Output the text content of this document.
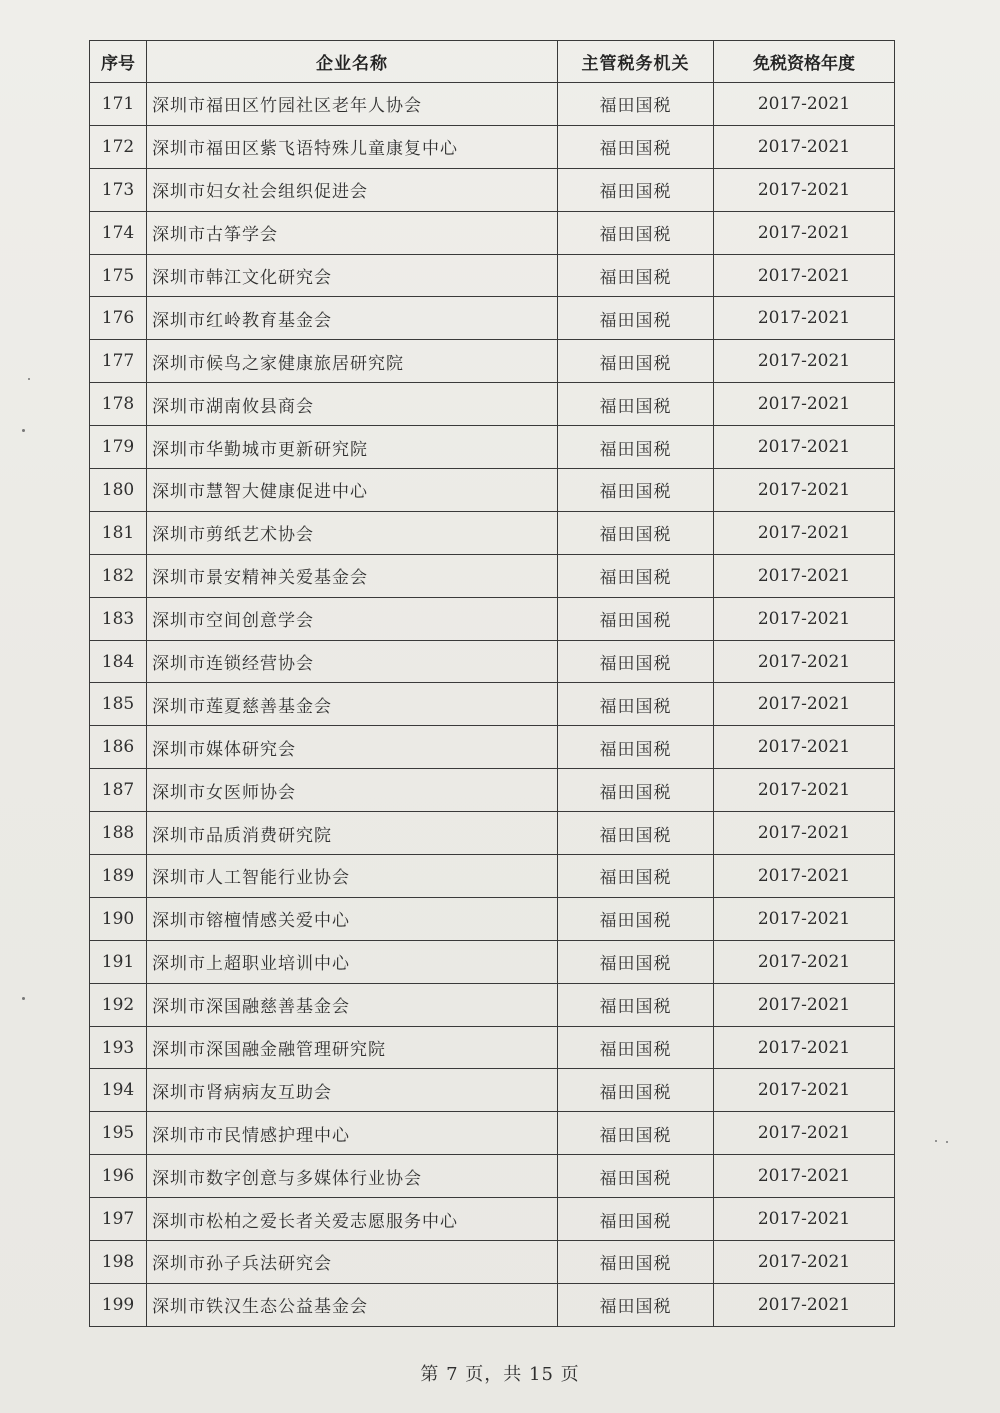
序号	企业名称	主管税务机关	免税资格年度
171	深圳市福田区竹园社区老年人协会	福田国税	2017-2021
172	深圳市福田区紫飞语特殊儿童康复中心	福田国税	2017-2021
173	深圳市妇女社会组织促进会	福田国税	2017-2021
174	深圳市古筝学会	福田国税	2017-2021
175	深圳市韩江文化研究会	福田国税	2017-2021
176	深圳市红岭教育基金会	福田国税	2017-2021
177	深圳市候鸟之家健康旅居研究院	福田国税	2017-2021
178	深圳市湖南攸县商会	福田国税	2017-2021
179	深圳市华勤城市更新研究院	福田国税	2017-2021
180	深圳市慧智大健康促进中心	福田国税	2017-2021
181	深圳市剪纸艺术协会	福田国税	2017-2021
182	深圳市景安精神关爱基金会	福田国税	2017-2021
183	深圳市空间创意学会	福田国税	2017-2021
184	深圳市连锁经营协会	福田国税	2017-2021
185	深圳市莲夏慈善基金会	福田国税	2017-2021
186	深圳市媒体研究会	福田国税	2017-2021
187	深圳市女医师协会	福田国税	2017-2021
188	深圳市品质消费研究院	福田国税	2017-2021
189	深圳市人工智能行业协会	福田国税	2017-2021
190	深圳市镕檀情感关爱中心	福田国税	2017-2021
191	深圳市上超职业培训中心	福田国税	2017-2021
192	深圳市深国融慈善基金会	福田国税	2017-2021
193	深圳市深国融金融管理研究院	福田国税	2017-2021
194	深圳市肾病病友互助会	福田国税	2017-2021
195	深圳市市民情感护理中心	福田国税	2017-2021
196	深圳市数字创意与多媒体行业协会	福田国税	2017-2021
197	深圳市松柏之爱长者关爱志愿服务中心	福田国税	2017-2021
198	深圳市孙子兵法研究会	福田国税	2017-2021
199	深圳市铁汉生态公益基金会	福田国税	2017-2021
第 7 页，共 15 页
